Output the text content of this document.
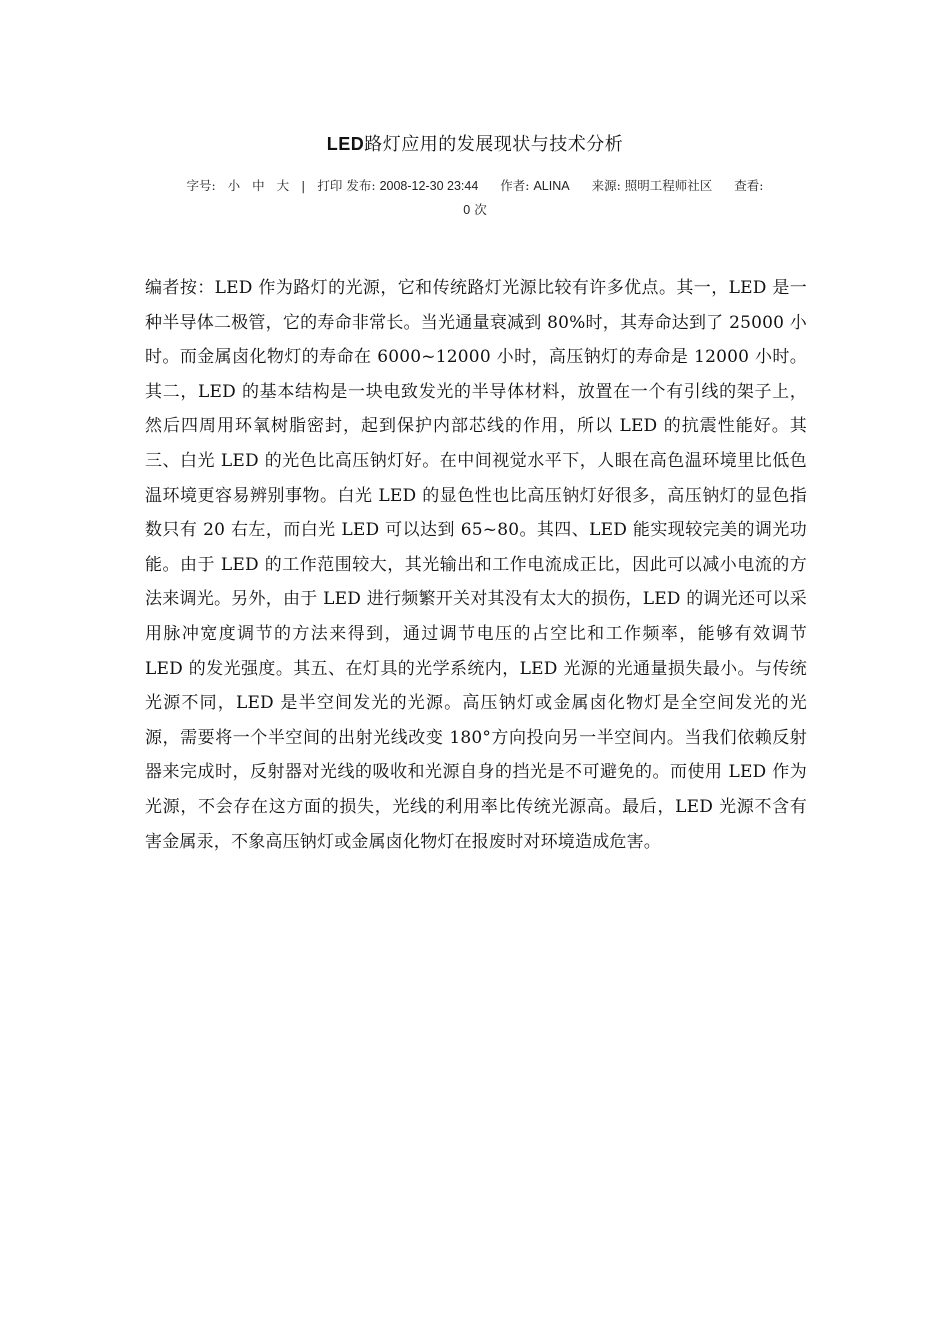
LED路灯应用的发展现状与技术分析
字号: 小 中 大 | 打印 发布: 2008-12-30 23:44 作者: ALINA 来源: 照明工程师社区 查看:
0 次
编者按：LED 作为路灯的光源，它和传统路灯光源比较有许多优点。其一，LED 是一种半导体二极管，它的寿命非常长。当光通量衰减到 80%时，其寿命达到了 25000 小时。而金属卤化物灯的寿命在 6000~12000 小时，高压钠灯的寿命是 12000 小时。其二，LED 的基本结构是一块电致发光的半导体材料，放置在一个有引线的架子上，然后四周用环氧树脂密封，起到保护内部芯线的作用，所以 LED 的抗震性能好。其三、白光 LED 的光色比高压钠灯好。在中间视觉水平下，人眼在高色温环境里比低色温环境更容易辨别事物。白光 LED 的显色性也比高压钠灯好很多，高压钠灯的显色指数只有 20 右左，而白光 LED 可以达到 65~80。其四、LED 能实现较完美的调光功能。由于 LED 的工作范围较大，其光输出和工作电流成正比，因此可以减小电流的方法来调光。另外，由于 LED 进行频繁开关对其没有太大的损伤，LED 的调光还可以采用脉冲宽度调节的方法来得到，通过调节电压的占空比和工作频率，能够有效调节 LED 的发光强度。其五、在灯具的光学系统内，LED 光源的光通量损失最小。与传统光源不同，LED 是半空间发光的光源。高压钠灯或金属卤化物灯是全空间发光的光源，需要将一个半空间的出射光线改变 180°方向投向另一半空间内。当我们依赖反射器来完成时，反射器对光线的吸收和光源自身的挡光是不可避免的。而使用 LED 作为光源，不会存在这方面的损失，光线的利用率比传统光源高。最后，LED 光源不含有害金属汞，不象高压钠灯或金属卤化物灯在报废时对环境造成危害。
